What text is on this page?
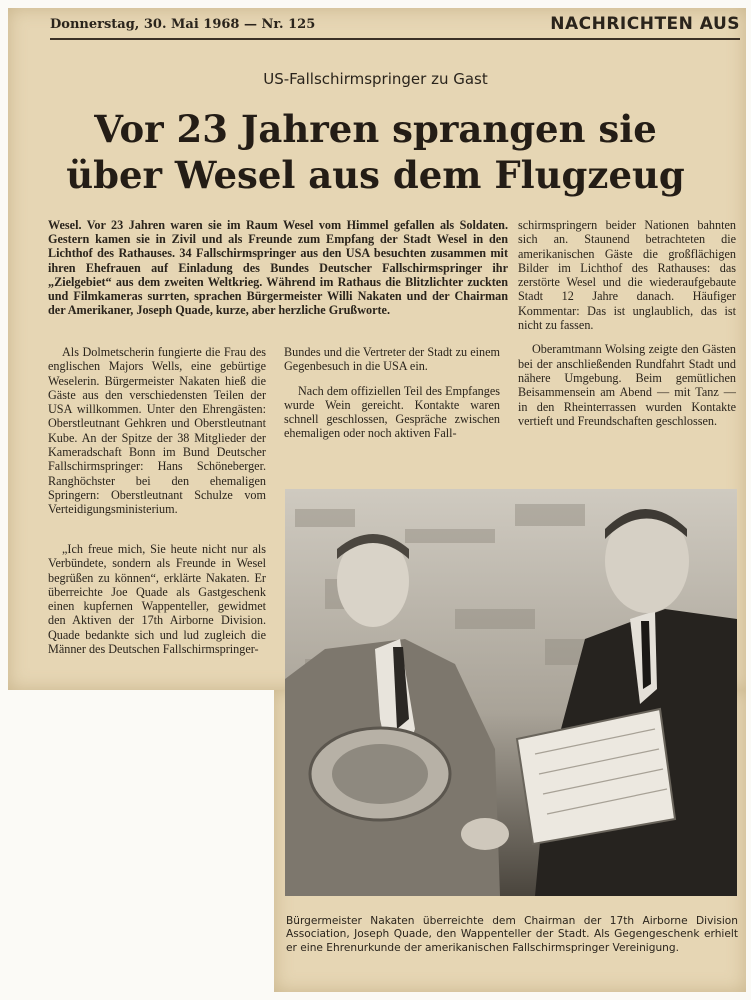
Donnerstag, 30. Mai 1968 — Nr. 125	NACHRICHTEN AUS
US-Fallschirmspringer zu Gast
Vor 23 Jahren sprangen sie
über Wesel aus dem Flugzeug
Wesel. Vor 23 Jahren waren sie im Raum Wesel vom Himmel gefallen als Soldaten. Gestern kamen sie in Zivil und als Freunde zum Empfang der Stadt Wesel in den Lichthof des Rathauses. 34 Fallschirmspringer aus den USA besuchten zusammen mit ihren Ehefrauen auf Einladung des Bundes Deutscher Fallschirmspringer ihr „Zielgebiet“ aus dem zweiten Weltkrieg. Während im Rathaus die Blitzlichter zuckten und Filmkameras surrten, sprachen Bürgermeister Willi Nakaten und der Chairman der Amerikaner, Joseph Quade, kurze, aber herzliche Grußworte.

Als Dolmetscherin fungierte die Frau des englischen Majors Wells, eine gebürtige Weselerin. Bürgermeister Nakaten hieß die Gäste aus den verschiedensten Teilen der USA willkommen. Unter den Ehrengästen: Oberstleutnant Gehkren und Oberstleutnant Kube. An der Spitze der 38 Mitglieder der Kameradschaft Bonn im Bund Deutscher Fallschirmspringer: Hans Schöneberger. Ranghöchster bei den ehemaligen Springern: Oberstleutnant Schulze vom Verteidigungsministerium.

„Ich freue mich, Sie heute nicht nur als Verbündete, sondern als Freunde in Wesel begrüßen zu können“, erklärte Nakaten. Er überreichte Joe Quade als Gastgeschenk einen kupfernen Wappenteller, gewidmet den Aktiven der 17th Airborne Division. Quade bedankte sich und lud zugleich die Männer des Deutschen Fallschirmspringer-

Bundes und die Vertreter der Stadt zu einem Gegenbesuch in die USA ein.

Nach dem offiziellen Teil des Empfanges wurde Wein gereicht. Kontakte waren schnell geschlossen, Gespräche zwischen ehemaligen oder noch aktiven Fall-

schirmspringern beider Nationen bahnten sich an. Staunend betrachteten die amerikanischen Gäste die großflächigen Bilder im Lichthof des Rathauses: das zerstörte Wesel und die wiederaufgebaute Stadt 12 Jahre danach. Häufiger Kommentar: Das ist unglaublich, das ist nicht zu fassen.

Oberamtmann Wolsing zeigte den Gästen bei der anschließenden Rundfahrt Stadt und nähere Umgebung. Beim gemütlichen Beisammensein am Abend — mit Tanz — in den Rheinterrassen wurden Kontakte vertieft und Freundschaften geschlossen.

Bürgermeister Nakaten überreichte dem Chairman der 17th Airborne Division Association, Joseph Quade, den Wappenteller der Stadt. Als Gegengeschenk erhielt er eine Ehrenurkunde der amerikanischen Fallschirmspringer Vereinigung.
